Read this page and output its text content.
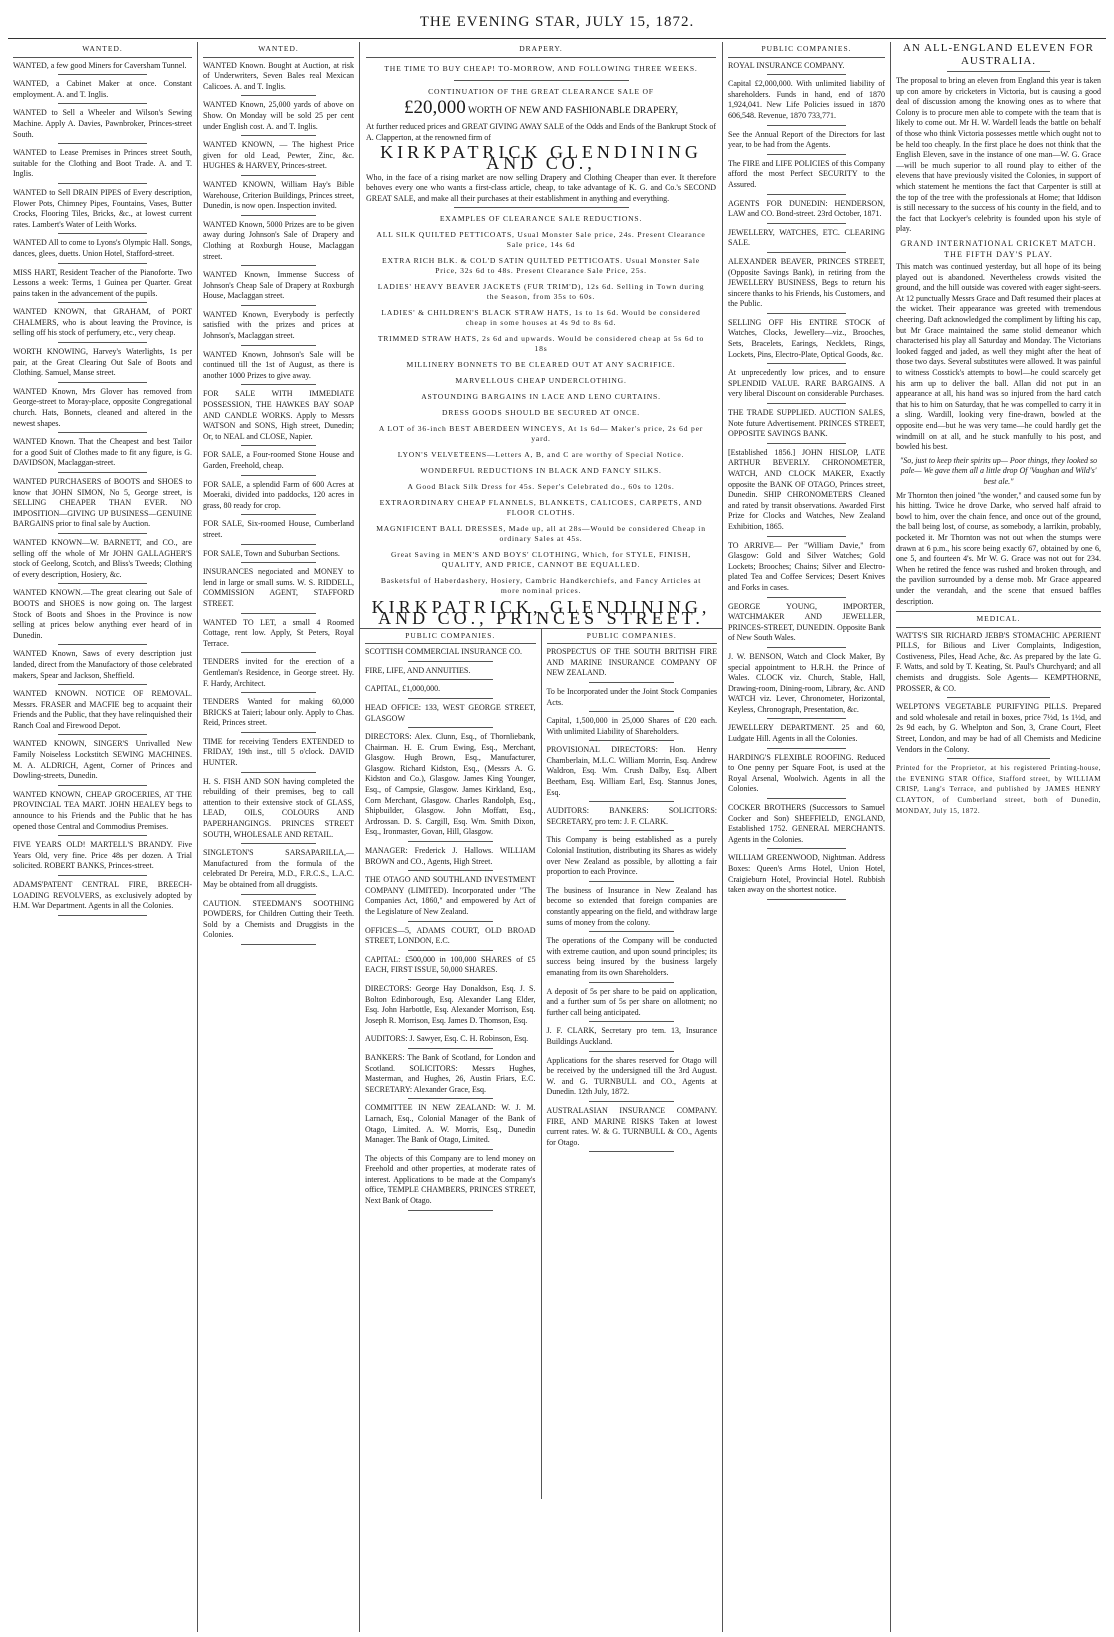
THE EVENING STAR, JULY 15, 1872.
WANTED.
WANTED, a few good Miners for Caversham Tunnel.
WANTED, a Cabinet Maker at once. Constant employment. A. and T. Inglis.
WANTED to Sell a Wheeler and Wilson's Sewing Machine. Apply A. Davies, Pawnbroker, Princes-street South.
WANTED to Lease Premises in Princes street South, suitable for the Clothing and Boot Trade. A. and T. Inglis.
WANTED to Sell DRAIN PIPES of Every description, Flower Pots, Chimney Pipes, Fountains, Vases, Butter Crocks, Flooring Tiles, Bricks, &c., at lowest current rates. Lambert's Water of Leith Works.
WANTED All to come to Lyons's Olympic Hall. Songs, dances, glees, duetts. Union Hotel, Stafford-street.
MISS HART, Resident Teacher of the Pianoforte. Two Lessons a week: Terms, 1 Guinea per Quarter. Great pains taken in the advancement of the pupils.
WANTED KNOWN, that GRAHAM, of PORT CHALMERS, who is about leaving the Province, is selling off his stock of perfumery, etc., very cheap.
WORTH KNOWING, Harvey's Waterlights, 1s per pair, at the Great Clearing Out Sale of Boots and Clothing. Samuel, Manse street.
WANTED Known, Mrs Glover has removed from George-street to Moray-place, opposite Congregational church. Hats, Bonnets, cleaned and altered in the newest shapes.
WANTED Known. That the Cheapest and best Tailor for a good Suit of Clothes made to fit any figure, is G. DAVIDSON, Maclaggan-street.
WANTED PURCHASERS of BOOTS and SHOES to know that JOHN SIMON, No 5, George street, is SELLING CHEAPER THAN EVER. NO IMPOSITION—GIVING UP BUSINESS—GENUINE BARGAINS prior to final sale by Auction.
WANTED KNOWN—W. BARNETT, and CO., are selling off the whole of Mr JOHN GALLAGHER'S stock of Geelong, Scotch, and Bliss's Tweeds; Clothing of every description, Hosiery, &c.
WANTED KNOWN.—The great clearing out Sale of BOOTS and SHOES is now going on. The largest Stock of Boots and Shoes in the Province is now selling at prices below anything ever heard of in Dunedin.
WANTED Known, Saws of every description just landed, direct from the Manufactory of those celebrated makers, Spear and Jackson, Sheffield.
WANTED KNOWN. NOTICE OF REMOVAL. Messrs. FRASER and MACFIE beg to acquaint their Friends and the Public, that they have relinquished their Ranch Coal and Firewood Depot.
WANTED KNOWN, SINGER'S Unrivalled New Family Noiseless Lockstitch SEWING MACHINES. M. A. ALDRICH, Agent, Corner of Princes and Dowling-streets, Dunedin.
WANTED KNOWN, CHEAP GROCERIES, AT THE PROVINCIAL TEA MART. JOHN HEALEY begs to announce to his Friends and the Public that he has opened those Central and Commodius Premises.
FIVE YEARS OLD! MARTELL'S BRANDY. Five Years Old, very fine. Price 48s per dozen. A Trial solicited. ROBERT BANKS, Princes-street.
ADAMS'PATENT CENTRAL FIRE, BREECH-LOADING REVOLVERS, as exclusively adopted by H.M. War Department. Agents in all the Colonies.
WANTED.
WANTED Known. Bought at Auction, at risk of Underwriters, Seven Bales real Mexican Calicoes. A. and T. Inglis.
WANTED Known, 25,000 yards of above on Show. On Monday will be sold 25 per cent under English cost. A. and T. Inglis.
WANTED KNOWN, — The highest Price given for old Lead, Pewter, Zinc, &c. HUGHES & HARVEY, Princes-street.
WANTED KNOWN, William Hay's Bible Warehouse, Criterion Buildings, Princes street, Dunedin, is now open. Inspection invited.
WANTED Known, 5000 Prizes are to be given away during Johnson's Sale of Drapery and Clothing at Roxburgh House, Maclaggan street.
WANTED Known, Immense Success of Johnson's Cheap Sale of Drapery at Roxburgh House, Maclaggan street.
WANTED Known, Everybody is perfectly satisfied with the prizes and prices at Johnson's, Maclaggan street.
WANTED Known, Johnson's Sale will be continued till the 1st of August, as there is another 1000 Prizes to give away.
FOR SALE WITH IMMEDIATE POSSESSION, THE HAWKES BAY SOAP AND CANDLE WORKS. Apply to Messrs WATSON and SONS, High street, Dunedin; Or, to NEAL and CLOSE, Napier.
FOR SALE, a Four-roomed Stone House and Garden, Freehold, cheap.
FOR SALE, a splendid Farm of 600 Acres at Moeraki, divided into paddocks, 120 acres in grass, 80 ready for crop.
FOR SALE, Six-roomed House, Cumberland street.
FOR SALE, Town and Suburban Sections.
INSURANCES negociated and MONEY to lend in large or small sums. W. S. RIDDELL, COMMISSION AGENT, STAFFORD STREET.
WANTED TO LET, a small 4 Roomed Cottage, rent low. Apply, St Peters, Royal Terrace.
TENDERS invited for the erection of a Gentleman's Residence, in George street. Hy. F. Hardy, Architect.
TENDERS Wanted for making 60,000 BRICKS at Taieri; labour only. Apply to Chas. Reid, Princes street.
TIME for receiving Tenders EXTENDED to FRIDAY, 19th inst., till 5 o'clock. DAVID HUNTER.
H. S. FISH AND SON having completed the rebuilding of their premises, beg to call attention to their extensive stock of GLASS, LEAD, OILS, COLOURS AND PAPERHANGINGS. PRINCES STREET SOUTH, WHOLESALE AND RETAIL.
SINGLETON'S SARSAPARILLA,— Manufactured from the formula of the celebrated Dr Pereira, M.D., F.R.C.S., L.A.C. May be obtained from all druggists.
CAUTION. STEEDMAN'S SOOTHING POWDERS, for Children Cutting their Teeth. Sold by a Chemists and Druggists in the Colonies.
DRAPERY.
THE TIME TO BUY CHEAP! TO-MORROW, AND FOLLOWING THREE WEEKS.
CONTINUATION OF THE GREAT CLEARANCE SALE OF
£20,000 WORTH OF NEW AND FASHIONABLE DRAPERY,
At further reduced prices and GREAT GIVING AWAY SALE of the Odds and Ends of the Bankrupt Stock of A. Clapperton, at the renowned firm of
KIRKPATRICK GLENDINING AND CO.,
Who, in the face of a rising market are now selling Drapery and Clothing Cheaper than ever. It therefore behoves every one who wants a first-class article, cheap, to take advantage of K. G. and Co.'s SECOND GREAT SALE, and make all their purchases at their establishment in anything and everything.
EXAMPLES OF CLEARANCE SALE REDUCTIONS.
ALL SILK QUILTED PETTICOATS, Usual Monster Sale price, 24s. Present Clearance Sale price, 14s 6d
EXTRA RICH BLK. & COL'D SATIN QUILTED PETTICOATS. Usual Monster Sale Price, 32s 6d to 48s. Present Clearance Sale Price, 25s.
LADIES' HEAVY BEAVER JACKETS (FUR TRIM'D), 12s 6d. Selling in Town during the Season, from 35s to 60s.
LADIES' & CHILDREN'S BLACK STRAW HATS, 1s to 1s 6d. Would be considered cheap in some houses at 4s 9d to 8s 6d.
TRIMMED STRAW HATS, 2s 6d and upwards. Would be considered cheap at 5s 6d to 18s
MILLINERY BONNETS TO BE CLEARED OUT AT ANY SACRIFICE.
MARVELLOUS CHEAP UNDERCLOTHING.
ASTOUNDING BARGAINS IN LACE AND LENO CURTAINS.
DRESS GOODS SHOULD BE SECURED AT ONCE.
A LOT of 36-inch BEST ABERDEEN WINCEYS, At 1s 6d— Maker's price, 2s 6d per yard.
LYON'S VELVETEENS—Letters A, B, and C are worthy of Special Notice.
WONDERFUL REDUCTIONS IN BLACK AND FANCY SILKS.
A Good Black Silk Dress for 45s. Seper's Celebrated do., 60s to 120s.
EXTRAORDINARY CHEAP FLANNELS, BLANKETS, CALICOES, CARPETS, AND FLOOR CLOTHS.
MAGNIFICENT BALL DRESSES, Made up, all at 28s—Would be considered Cheap in ordinary Sales at 45s.
Great Saving in MEN'S AND BOYS' CLOTHING, Which, for STYLE, FINISH, QUALITY, AND PRICE, CANNOT BE EQUALLED.
Basketsful of Haberdashery, Hosiery, Cambric Handkerchiefs, and Fancy Articles at more nominal prices.
KIRKPATRICK, GLENDINING, AND CO., PRINCES STREET.
PUBLIC COMPANIES.
SCOTTISH COMMERCIAL INSURANCE CO.
FIRE, LIFE, AND ANNUITIES.
CAPITAL, £1,000,000.
HEAD OFFICE: 133, WEST GEORGE STREET, GLASGOW
DIRECTORS: Alex. Clunn, Esq., of Thornliebank, Chairman. H. E. Crum Ewing, Esq., Merchant, Glasgow. Hugh Brown, Esq., Manufacturer, Glasgow. Richard Kidston, Esq., (Messrs A. G. Kidston and Co.), Glasgow. James King Younger, Esq., of Campsie, Glasgow. James Kirkland, Esq., Corn Merchant, Glasgow. Charles Randolph, Esq., Shipbuilder, Glasgow. John Moffatt, Esq., Ardrossan. D. S. Cargill, Esq. Wm. Smith Dixon, Esq., Ironmaster, Govan, Hill, Glasgow.
MANAGER: Frederick J. Hallows. WILLIAM BROWN and CO., Agents, High Street.
THE OTAGO AND SOUTHLAND INVESTMENT COMPANY (LIMITED). Incorporated under "The Companies Act, 1860," and empowered by Act of the Legislature of New Zealand.
OFFICES—5, ADAMS COURT, OLD BROAD STREET, LONDON, E.C.
CAPITAL: £500,000 in 100,000 SHARES of £5 EACH, FIRST ISSUE, 50,000 SHARES.
DIRECTORS: George Hay Donaldson, Esq. J. S. Bolton Edinborough, Esq. Alexander Lang Elder, Esq. John Harbottle, Esq. Alexander Morrison, Esq. Joseph R. Morrison, Esq. James D. Thomson, Esq.
AUDITORS: J. Sawyer, Esq. C. H. Robinson, Esq.
BANKERS: The Bank of Scotland, for London and Scotland. SOLICITORS: Messrs Hughes, Masterman, and Hughes, 26, Austin Friars, E.C. SECRETARY: Alexander Grace, Esq.
COMMITTEE IN NEW ZEALAND: W. J. M. Larnach, Esq., Colonial Manager of the Bank of Otago, Limited. A. W. Morris, Esq., Dunedin Manager. The Bank of Otago, Limited.
The objects of this Company are to lend money on Freehold and other properties, at moderate rates of interest. Applications to be made at the Company's office, TEMPLE CHAMBERS, PRINCES STREET, Next Bank of Otago.
PUBLIC COMPANIES.
PROSPECTUS OF THE SOUTH BRITISH FIRE AND MARINE INSURANCE COMPANY OF NEW ZEALAND.
To be Incorporated under the Joint Stock Companies Acts.
Capital, 1,500,000 in 25,000 Shares of £20 each. With unlimited Liability of Shareholders.
PROVISIONAL DIRECTORS: Hon. Henry Chamberlain, M.L.C. William Morrin, Esq. Andrew Waldron, Esq. Wm. Crush Dalby, Esq. Albert Beetham, Esq. William Earl, Esq. Stannus Jones, Esq.
AUDITORS: BANKERS: SOLICITORS: SECRETARY, pro tem: J. F. CLARK.
This Company is being established as a purely Colonial Institution, distributing its Shares as widely over New Zealand as possible, by allotting a fair proportion to each Province.
The business of Insurance in New Zealand has become so extended that foreign companies are constantly appearing on the field, and withdraw large sums of money from the colony.
The operations of the Company will be conducted with extreme caution, and upon sound principles; its success being insured by the business largely emanating from its own Shareholders.
A deposit of 5s per share to be paid on application, and a further sum of 5s per share on allotment; no further call being anticipated.
J. F. CLARK, Secretary pro tem. 13, Insurance Buildings Auckland.
Applications for the shares reserved for Otago will be received by the undersigned till the 3rd August. W. and G. TURNBULL and CO., Agents at Dunedin. 12th July, 1872.
AUSTRALASIAN INSURANCE COMPANY. FIRE, AND MARINE RISKS Taken at lowest current rates. W. & G. TURNBULL & CO., Agents for Otago.
PUBLIC COMPANIES.
ROYAL INSURANCE COMPANY.
Capital £2,000,000. With unlimited liability of shareholders. Funds in hand, end of 1870 1,924,041. New Life Policies issued in 1870 606,548. Revenue, 1870 733,771.
See the Annual Report of the Directors for last year, to be had from the Agents.
The FIRE and LIFE POLICIES of this Company afford the most Perfect SECURITY to the Assured.
AGENTS FOR DUNEDIN: HENDERSON, LAW and CO. Bond-street. 23rd October, 1871.
JEWELLERY, WATCHES, ETC. CLEARING SALE.
ALEXANDER BEAVER, PRINCES STREET, (Opposite Savings Bank), in retiring from the JEWELLERY BUSINESS, Begs to return his sincere thanks to his Friends, his Customers, and the Public.
SELLING OFF His ENTIRE STOCK of Watches, Clocks, Jewellery—viz., Brooches, Sets, Bracelets, Earings, Necklets, Rings, Lockets, Pins, Electro-Plate, Optical Goods, &c.
At unprecedently low prices, and to ensure SPLENDID VALUE. RARE BARGAINS. A very liberal Discount on considerable Purchases.
THE TRADE SUPPLIED. AUCTION SALES, Note future Advertisement. PRINCES STREET, OPPOSITE SAVINGS BANK.
[Established 1856.] JOHN HISLOP, LATE ARTHUR BEVERLY. CHRONOMETER, WATCH, AND CLOCK MAKER, Exactly opposite the BANK OF OTAGO, Princes street, Dunedin. SHIP CHRONOMETERS Cleaned and rated by transit observations. Awarded First Prize for Clocks and Watches, New Zealand Exhibition, 1865.
TO ARRIVE— Per "William Davie," from Glasgow: Gold and Silver Watches; Gold Lockets; Brooches; Chains; Silver and Electro-plated Tea and Coffee Services; Desert Knives and Forks in cases.
GEORGE YOUNG, IMPORTER, WATCHMAKER AND JEWELLER, PRINCES-STREET, DUNEDIN. Opposite Bank of New South Wales.
J. W. BENSON, Watch and Clock Maker, By special appointment to H.R.H. the Prince of Wales. CLOCK viz. Church, Stable, Hall, Drawing-room, Dining-room, Library, &c. AND WATCH viz. Lever, Chronometer, Horizontal, Keyless, Chronograph, Presentation, &c.
JEWELLERY DEPARTMENT. 25 and 60, Ludgate Hill. Agents in all the Colonies.
HARDING'S FLEXIBLE ROOFING. Reduced to One penny per Square Foot, is used at the Royal Arsenal, Woolwich. Agents in all the Colonies.
COCKER BROTHERS (Successors to Samuel Cocker and Son) SHEFFIELD, ENGLAND, Established 1752. GENERAL MERCHANTS. Agents in the Colonies.
WILLIAM GREENWOOD, Nightman. Address Boxes: Queen's Arms Hotel, Union Hotel, Craigieburn Hotel, Provincial Hotel. Rubbish taken away on the shortest notice.
AN ALL-ENGLAND ELEVEN FOR AUSTRALIA.
The proposal to bring an eleven from England this year is taken up con amore by cricketers in Victoria, but is causing a good deal of discussion among the knowing ones as to where that Colony is to procure men able to compete with the team that is likely to come out. Mr H. W. Wardell leads the battle on behalf of those who think Victoria possesses mettle which ought not to be held too cheaply. In the first place he does not think that the English Eleven, save in the instance of one man—W. G. Grace—will be much superior to all round play to either of the elevens that have previously visited the Colonies, in support of which statement he mentions the fact that Carpenter is still at the top of the tree with the professionals at Home; that Iddison is still necessary to the success of his county in the field, and to the fact that Lockyer's celebrity is founded upon his style of play.
GRAND INTERNATIONAL CRICKET MATCH. THE FIFTH DAY'S PLAY.
This match was continued yesterday, but all hope of its being played out is abandoned. Nevertheless crowds visited the ground, and the hill outside was covered with eager sight-seers. At 12 punctually Messrs Grace and Daft resumed their places at the wicket. Their appearance was greeted with tremendous cheering. Daft acknowledged the compliment by lifting his cap, but Mr Grace maintained the same stolid demeanor which characterised his play all Saturday and Monday. The Victorians looked fagged and jaded, as well they might after the heat of those two days. Several substitutes were allowed. It was painful to witness Cosstick's attempts to bowl—he could scarcely get his arm up to deliver the ball. Allan did not put in an appearance at all, his hand was so injured from the hard catch that his to him on Saturday, that he was compelled to carry it in a sling. Wardill, looking very fine-drawn, bowled at the opposite end—but he was very tame—he could hardly get the windmill on at all, and he stuck manfully to his post, and bowled his best.
"So, just to keep their spirits up— Poor things, they looked so pale— We gave them all a little drop Of 'Vaughan and Wild's' best ale."
Mr Thornton then joined "the wonder," and caused some fun by his hitting. Twice he drove Darke, who served half afraid to bowl to him, over the chain fence, and once out of the ground, the ball being lost, of course, as somebody, a larrikin, probably, pocketed it. Mr Thornton was not out when the stumps were drawn at 6 p.m., his score being exactly 67, obtained by one 6, one 5, and fourteen 4's. Mr W. G. Grace was not out for 234. When he retired the fence was rushed and broken through, and the pavilion surrounded by a dense mob. Mr Grace appeared under the verandah, and the scene that ensued baffles description.
MEDICAL.
WATTS'S SIR RICHARD JEBB'S STOMACHIC APERIENT PILLS, for Bilious and Liver Complaints, Indigestion, Costiveness, Piles, Head Ache, &c. As prepared by the late G. F. Watts, and sold by T. Keating, St. Paul's Churchyard; and all chemists and druggists. Sole Agents— KEMPTHORNE, PROSSER, & CO.
WELPTON'S VEGETABLE PURIFYING PILLS. Prepared and sold wholesale and retail in boxes, price 7½d, 1s 1½d, and 2s 9d each, by G. Whelpton and Son, 3, Crane Court, Fleet Street, London, and may be had of all Chemists and Medicine Vendors in the Colony.
Printed for the Proprietor, at his registered Printing-house, the EVENING STAR Office, Stafford street, by WILLIAM CRISP, Lang's Terrace, and published by JAMES HENRY CLAYTON, of Cumberland street, both of Dunedin, MONDAY, July 15, 1872.
